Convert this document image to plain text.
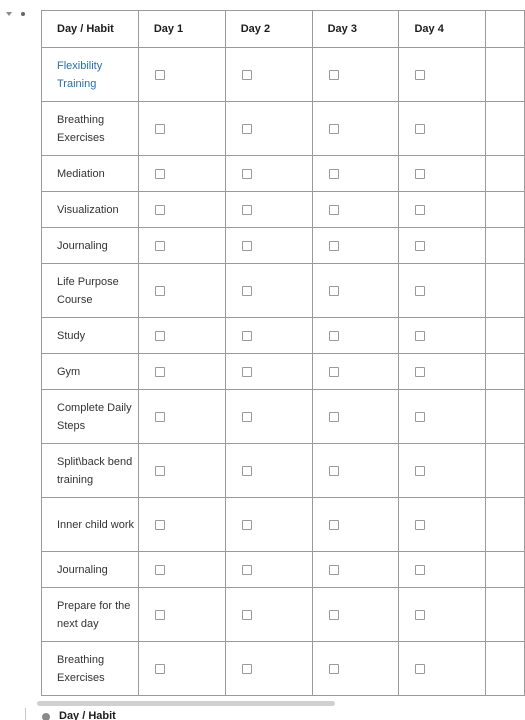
Day / Habit	Day 1	Day 2	Day 3	Day 4	
Flexibility Training					
Breathing Exercises					
Mediation					
Visualization					
Journaling					
Life Purpose Course					
Study					
Gym					
Complete Daily Steps					
Split\back bend training					
Inner child work					
Journaling					
Prepare for the next day					
Breathing Exercises					
Day / Habit
